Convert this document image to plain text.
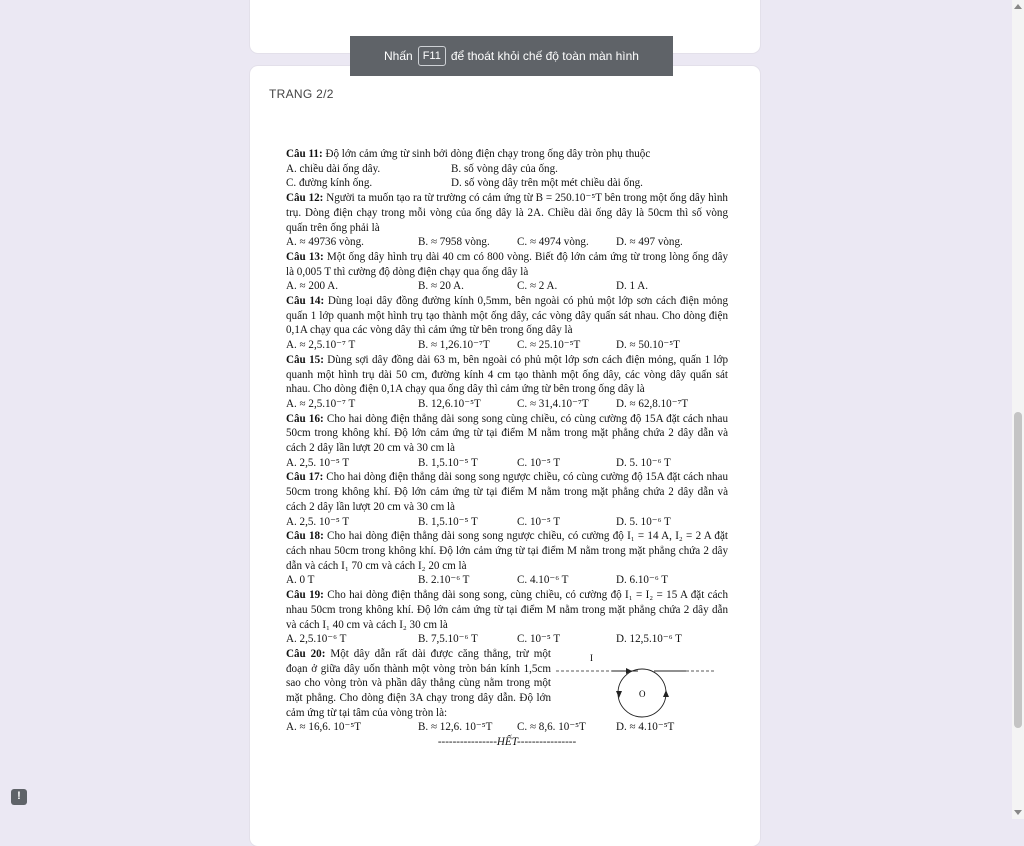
TRANG 2/2

Câu 11: Độ lớn cảm ứng từ sinh bởi dòng điện chạy trong ống dây tròn phụ thuộc

A. chiều dài ống dây.	B. số vòng dây của ống.
C. đường kính ống.	D. số vòng dây trên một mét chiều dài ống.

Câu 12: Người ta muốn tạo ra từ trường có cảm ứng từ B = 250.10⁻⁵T bên trong một ống dây hình trụ. Dòng điện chạy trong mỗi vòng của ống dây là 2A. Chiều dài ống dây là 50cm thì số vòng quấn trên ống phải là

A. ≈ 49736 vòng.	B. ≈ 7958 vòng.	C. ≈ 4974 vòng.	D. ≈ 497 vòng.

Câu 13: Một ống dây hình trụ dài 40 cm có 800 vòng. Biết độ lớn cảm ứng từ trong lòng ống dây là 0,005 T thì cường độ dòng điện chạy qua ống dây là

A. ≈ 200 A.	B. ≈ 20 A.	C. ≈ 2 A.	D. 1 A.

Câu 14: Dùng loại dây đồng đường kính 0,5mm, bên ngoài có phủ một lớp sơn cách điện mỏng quấn 1 lớp quanh một hình trụ tạo thành một ống dây, các vòng dây quấn sát nhau. Cho dòng điện 0,1A chạy qua các vòng dây thì cảm ứng từ bên trong ống dây là

A. ≈ 2,5.10⁻⁷ T	B. ≈ 1,26.10⁻⁷T	C. ≈ 25.10⁻⁵T	D. ≈ 50.10⁻⁵T

Câu 15: Dùng sợi dây đồng dài 63 m, bên ngoài có phủ một lớp sơn cách điện mỏng, quấn 1 lớp quanh một hình trụ dài 50 cm, đường kính 4 cm tạo thành một ống dây, các vòng dây quấn sát nhau. Cho dòng điện 0,1A chạy qua ống dây thì cảm ứng từ bên trong ống dây là

A. ≈ 2,5.10⁻⁷ T	B. 12,6.10⁻⁵T	C. ≈ 31,4.10⁻⁷T	D. ≈ 62,8.10⁻⁷T

Câu 16: Cho hai dòng điện thẳng dài song song cùng chiều, có cùng cường độ 15A đặt cách nhau 50cm trong không khí. Độ lớn cảm ứng từ tại điểm M nằm trong mặt phẳng chứa 2 dây dẫn và cách 2 dây lần lượt 20 cm và 30 cm là

A. 2,5. 10⁻⁵ T	B. 1,5.10⁻⁵ T	C. 10⁻⁵ T	D. 5. 10⁻⁶ T

Câu 17: Cho hai dòng điện thẳng dài song song ngược chiều, có cùng cường độ 15A đặt cách nhau 50cm trong không khí. Độ lớn cảm ứng từ tại điểm M nằm trong mặt phẳng chứa 2 dây dẫn và cách 2 dây lần lượt 20 cm và 30 cm là

A. 2,5. 10⁻⁵ T	B. 1,5.10⁻⁵ T	C. 10⁻⁵ T	D. 5. 10⁻⁶ T

Câu 18: Cho hai dòng điện thẳng dài song song ngược chiều, có cường độ I₁ = 14 A, I₂ = 2 A đặt cách nhau 50cm trong không khí. Độ lớn cảm ứng từ tại điểm M nằm trong mặt phẳng chứa 2 dây dẫn và cách I₁ 70 cm và cách I₂ 20 cm là

A. 0 T	B. 2.10⁻⁶ T	C. 4.10⁻⁶ T	D. 6.10⁻⁶ T

Câu 19: Cho hai dòng điện thẳng dài song song, cùng chiều, có cường độ I₁ = I₂ = 15 A đặt cách nhau 50cm trong không khí. Độ lớn cảm ứng từ tại điểm M nằm trong mặt phẳng chứa 2 dây dẫn và cách I₁ 40 cm và cách I₂ 30 cm là

A. 2,5.10⁻⁶ T	B. 7,5.10⁻⁶ T	C. 10⁻⁵ T	D. 12,5.10⁻⁶ T

Câu 20: Một dây dẫn rất dài được căng thẳng, trừ một đoạn ở giữa dây uốn thành một vòng tròn bán kính 1,5cm sao cho vòng tròn và phần dây thẳng cùng nằm trong một mặt phẳng. Cho dòng điện 3A chạy trong dây dẫn. Độ lớn cảm ứng từ tại tâm của vòng tròn là:

I
O
A. ≈ 16,6. 10⁻⁵T	B. ≈ 12,6. 10⁻⁵T	C. ≈ 8,6. 10⁻⁵T	D. ≈ 4.10⁻⁵T

----------------HẾT----------------

Nhấn F11 để thoát khỏi chế độ toàn màn hình
!
